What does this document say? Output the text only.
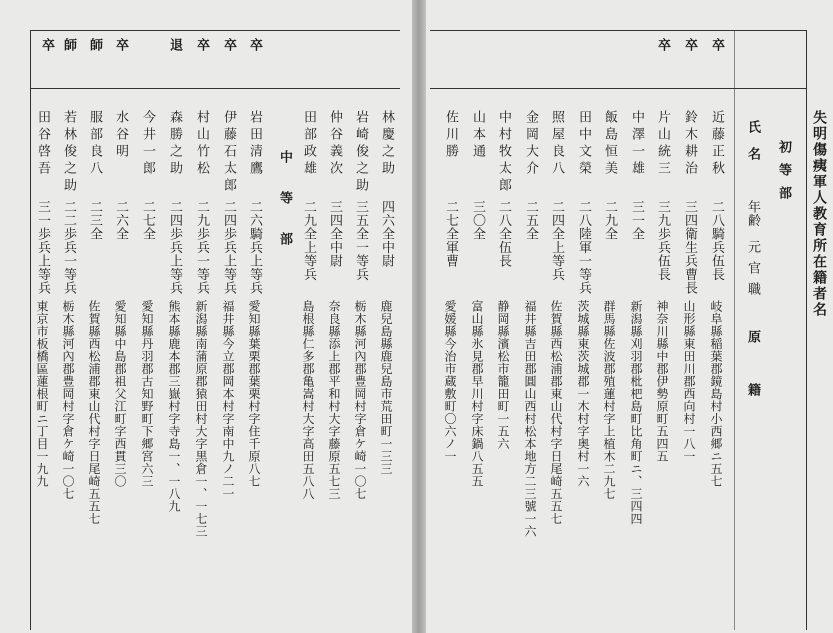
失明傷痍軍人教育所在籍者名
氏名 初等部
年齢
元官職
原籍
卒
卒
卒
近藤正秋
二八騎兵伍長
岐阜縣稲葉郡鏡島村小西郷ニ五七
鈴木耕治
三四衛生兵曹長
山形縣東田川郡西向村一八一
片山統三
三九歩兵伍長
神奈川縣中郡伊勢原町五四五
中澤一雄
三一全
新潟縣刈羽郡枇杷島町比角町ニ、三四四
飯島恒美
二九全
群馬縣佐波郡殖蓮村字上植木二九七
田中文榮
二八陸軍一等兵
茨城縣東茨城郡一木村字奥村一六
照屋良八
二四全上等兵
佐賀縣西松浦郡東山代村字日尾崎五五七
金岡大介
二五全
福井縣吉田郡圓山西村松本地方二三號一六
中村牧太郎
二八全伍長
静岡縣濱松市籠田町一五六
山本通
三〇全
富山縣氷見郡早川村字床鍋八五五
佐川勝
二七全軍曹
愛媛縣今治市蔵敷町〇六ノ一
卒
卒
卒
退
卒
師
師
卒
林慶之助
四六全中尉
鹿兒島縣鹿兒島市荒田町一三三
岩崎俊之助
三五全一等兵
栃木縣河內郡豊岡村字倉ケ崎一〇七
仲谷義次
三四全中尉
奈良縣添上郡平和村大字藤原五七三
田部政雄
二九全上等兵
島根縣仁多郡亀嵩村大字高田五八八
中等部
岩田清鷹
二六騎兵上等兵
愛知縣葉栗郡葉栗村字住千原八七
伊藤石太郎
二四歩兵上等兵
福井縣今立郡岡本村字南中九ノ二一
村山竹松
二九歩兵一等兵
新潟縣南蒲原郡猿田村大字黒倉一、一七三
森勝之助
二四歩兵上等兵
熊本縣鹿本郡三嶽村字寺島一、一八九
今井一郎
二七全
愛知縣丹羽郡古知野町下郷宮六三
水谷明
二六全
愛知縣中島郡祖父江町字西貫三〇
服部良八
二三全
佐賀縣西松浦郡東山代村字日尾崎五五七
若林俊之助
二二歩兵一等兵
栃木縣河內郡豊岡村字倉ケ崎一〇七
田谷啓吾
三一歩兵上等兵
東京市板橋區蓮根町ニ丁目一九九
